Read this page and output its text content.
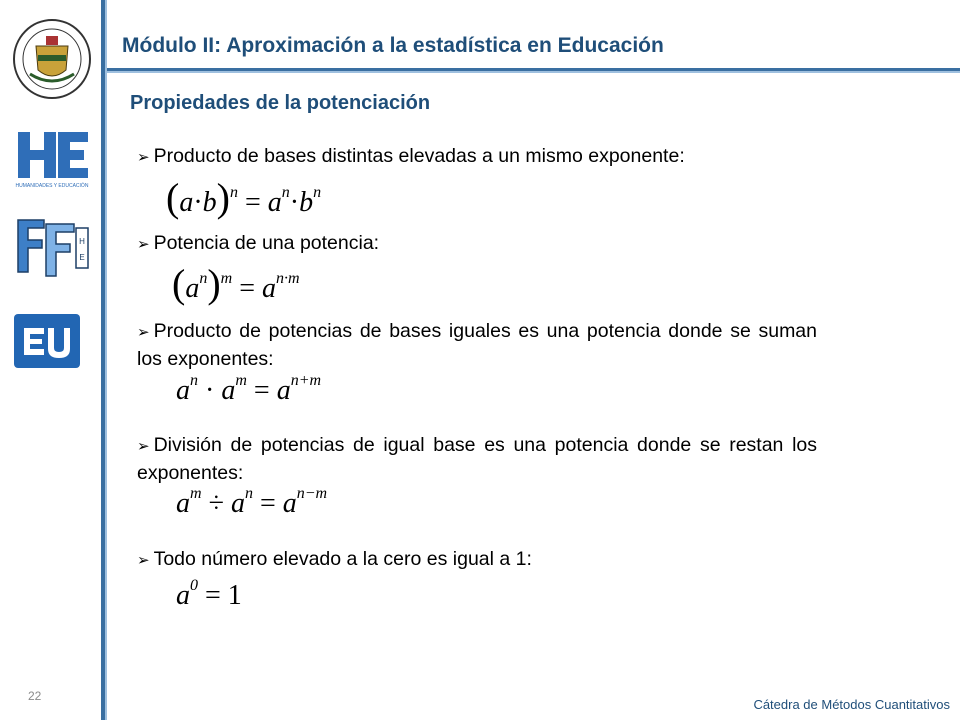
HUMANIDADES Y EDUCACIÓN
H
E
Módulo II: Aproximación a la estadística en Educación
Propiedades de la potenciación
➢ Producto de bases distintas elevadas a un mismo exponente:
$(a\cdot b)^n = a^n\cdot b^n$
➢ Potencia de una potencia:
$(a^n)^m = a^{n\cdot m}$
➢ Producto de potencias de bases iguales es una potencia donde se suman los exponentes:
$a^n \cdot a^m = a^{n+m}$
➢ División de potencias de igual base es una potencia donde se restan los exponentes:
$a^m \div a^n = a^{n-m}$
➢ Todo número elevado a la cero es igual a 1:
$a^0 = 1$
22
Cátedra de Métodos Cuantitativos
